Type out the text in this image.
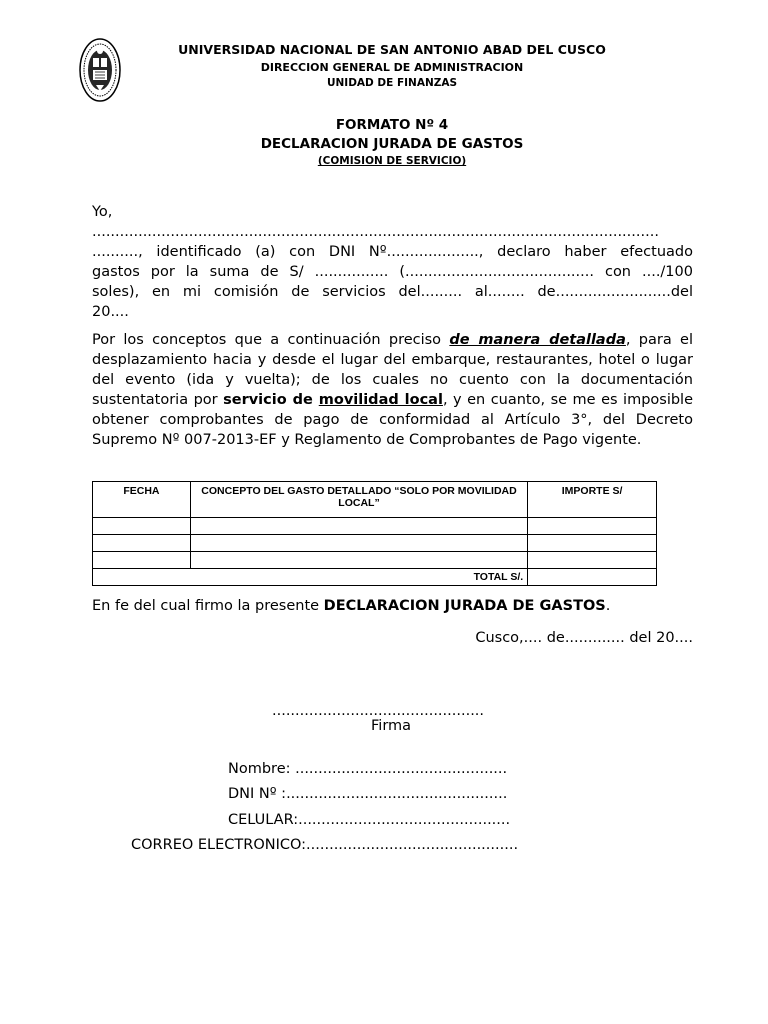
UNIVERSIDAD NACIONAL DE SAN ANTONIO ABAD DEL CUSCO
DIRECCION GENERAL DE ADMINISTRACION
UNIDAD DE FINANZAS
FORMATO Nº 4
DECLARACION JURADA DE GASTOS
(COMISION DE SERVICIO)
Yo,
...........................................................................................................................
.........., identificado (a) con DNI Nº...................., declaro haber efectuado
gastos por la suma de S/ ................ (......................................... con ..../100
soles), en mi comisión de servicios del......... al........ de.........................del
20....
Por los conceptos que a continuación preciso de manera detallada, para el desplazamiento hacia y desde el lugar del embarque, restaurantes, hotel o lugar del evento (ida y vuelta); de los cuales no cuento con la documentación sustentatoria por servicio de movilidad local, y en cuanto, se me es imposible obtener comprobantes de pago de conformidad al Artículo 3°, del Decreto Supremo Nº 007-2013-EF y Reglamento de Comprobantes de Pago vigente.
FECHA	CONCEPTO DEL GASTO DETALLADO “SOLO POR MOVILIDAD LOCAL”	IMPORTE S/

TOTAL S/.		
En fe del cual firmo la presente DECLARACION JURADA DE GASTOS.
Cusco,.... de............. del 20....
..............................................
Firma
Nombre: ..............................................
DNI Nº :................................................
CELULAR:..............................................
CORREO ELECTRONICO:..............................................
